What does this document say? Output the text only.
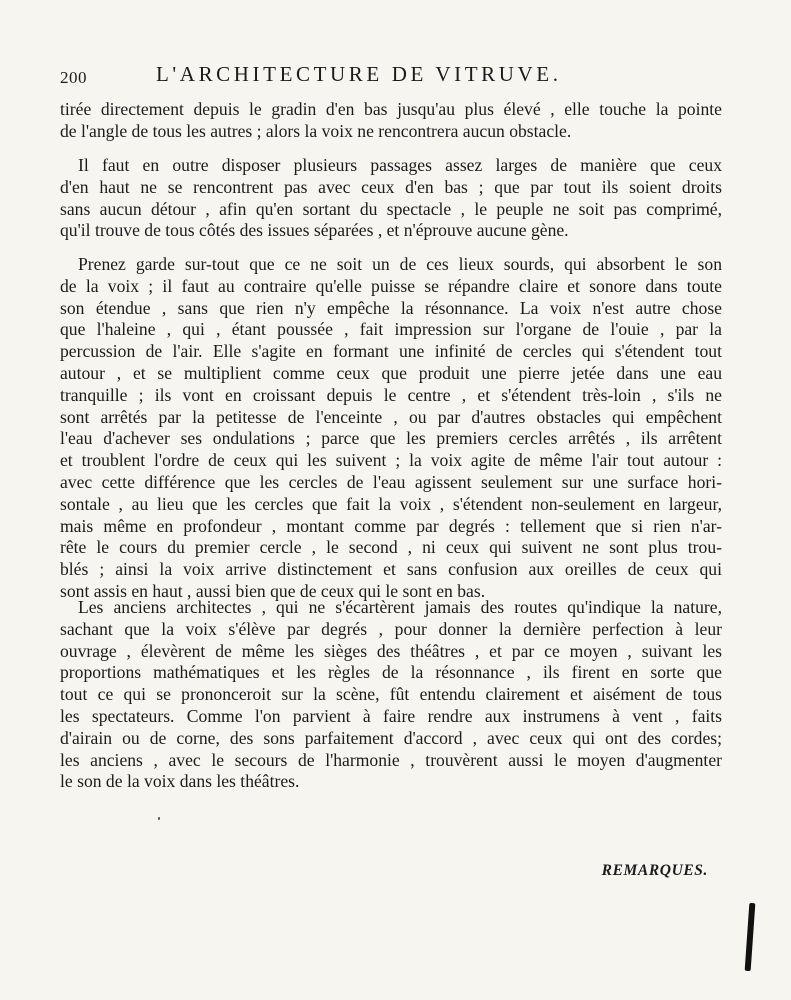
200	L'ARCHITECTURE DE VITRUVE.
tirée directement depuis le gradin d'en bas jusqu'au plus élevé , elle touche la pointe
de l'angle de tous les autres ; alors la voix ne rencontrera aucun obstacle.
Il faut en outre disposer plusieurs passages assez larges de manière que ceux
d'en haut ne se rencontrent pas avec ceux d'en bas ; que par tout ils soient droits
sans aucun détour , afin qu'en sortant du spectacle , le peuple ne soit pas comprimé,
qu'il trouve de tous côtés des issues séparées , et n'éprouve aucune gène.
Prenez garde sur-tout que ce ne soit un de ces lieux sourds, qui absorbent le son
de la voix ; il faut au contraire qu'elle puisse se répandre claire et sonore dans toute
son étendue , sans que rien n'y empêche la résonnance. La voix n'est autre chose
que l'haleine , qui , étant poussée , fait impression sur l'organe de l'ouie , par la
percussion de l'air. Elle s'agite en formant une infinité de cercles qui s'étendent tout
autour , et se multiplient comme ceux que produit une pierre jetée dans une eau
tranquille ; ils vont en croissant depuis le centre , et s'étendent très-loin , s'ils ne
sont arrêtés par la petitesse de l'enceinte , ou par d'autres obstacles qui empêchent
l'eau d'achever ses ondulations ; parce que les premiers cercles arrêtés , ils arrêtent
et troublent l'ordre de ceux qui les suivent ; la voix agite de même l'air tout autour :
avec cette différence que les cercles de l'eau agissent seulement sur une surface hori-
sontale , au lieu que les cercles que fait la voix , s'étendent non-seulement en largeur,
mais même en profondeur , montant comme par degrés : tellement que si rien n'ar-
rête le cours du premier cercle , le second , ni ceux qui suivent ne sont plus trou-
blés ; ainsi la voix arrive distinctement et sans confusion aux oreilles de ceux qui
sont assis en haut , aussi bien que de ceux qui le sont en bas.
Les anciens architectes , qui ne s'écartèrent jamais des routes qu'indique la nature,
sachant que la voix s'élève par degrés , pour donner la dernière perfection à leur
ouvrage , élevèrent de même les sièges des théâtres , et par ce moyen , suivant les
proportions mathématiques et les règles de la résonnance , ils firent en sorte que
tout ce qui se prononceroit sur la scène, fût entendu clairement et aisément de tous
les spectateurs. Comme l'on parvient à faire rendre aux instrumens à vent , faits
d'airain ou de corne, des sons parfaitement d'accord , avec ceux qui ont des cordes;
les anciens , avec le secours de l'harmonie , trouvèrent aussi le moyen d'augmenter
le son de la voix dans les théâtres.
REMARQUES.
